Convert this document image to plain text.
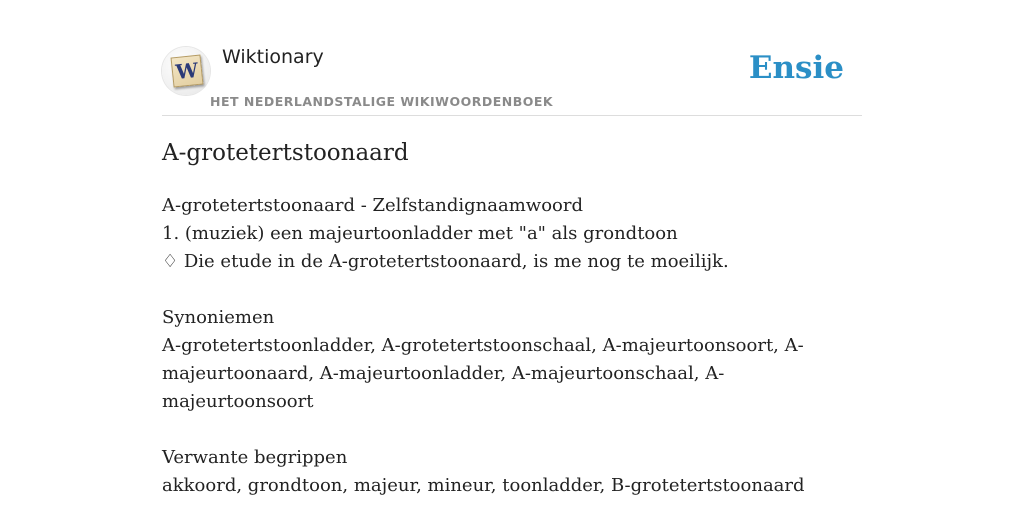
W
Wiktionary
HET NEDERLANDSTALIGE WIKIWOORDENBOEK
Ensie
A-grotetertstoonaard
A-grotetertstoonaard - Zelfstandignaamwoord
1. (muziek) een majeurtoonladder met "a" als grondtoon
♢ Die etude in de A-grotetertstoonaard, is me nog te moeilijk.
Synoniemen
A-grotetertstoonladder, A-grotetertstoonschaal, A-majeurtoonsoort, A-majeurtoonaard, A-majeurtoonladder, A-majeurtoonschaal, A-majeurtoonsoort
Verwante begrippen
akkoord, grondtoon, majeur, mineur, toonladder, B-grotetertstoonaard
